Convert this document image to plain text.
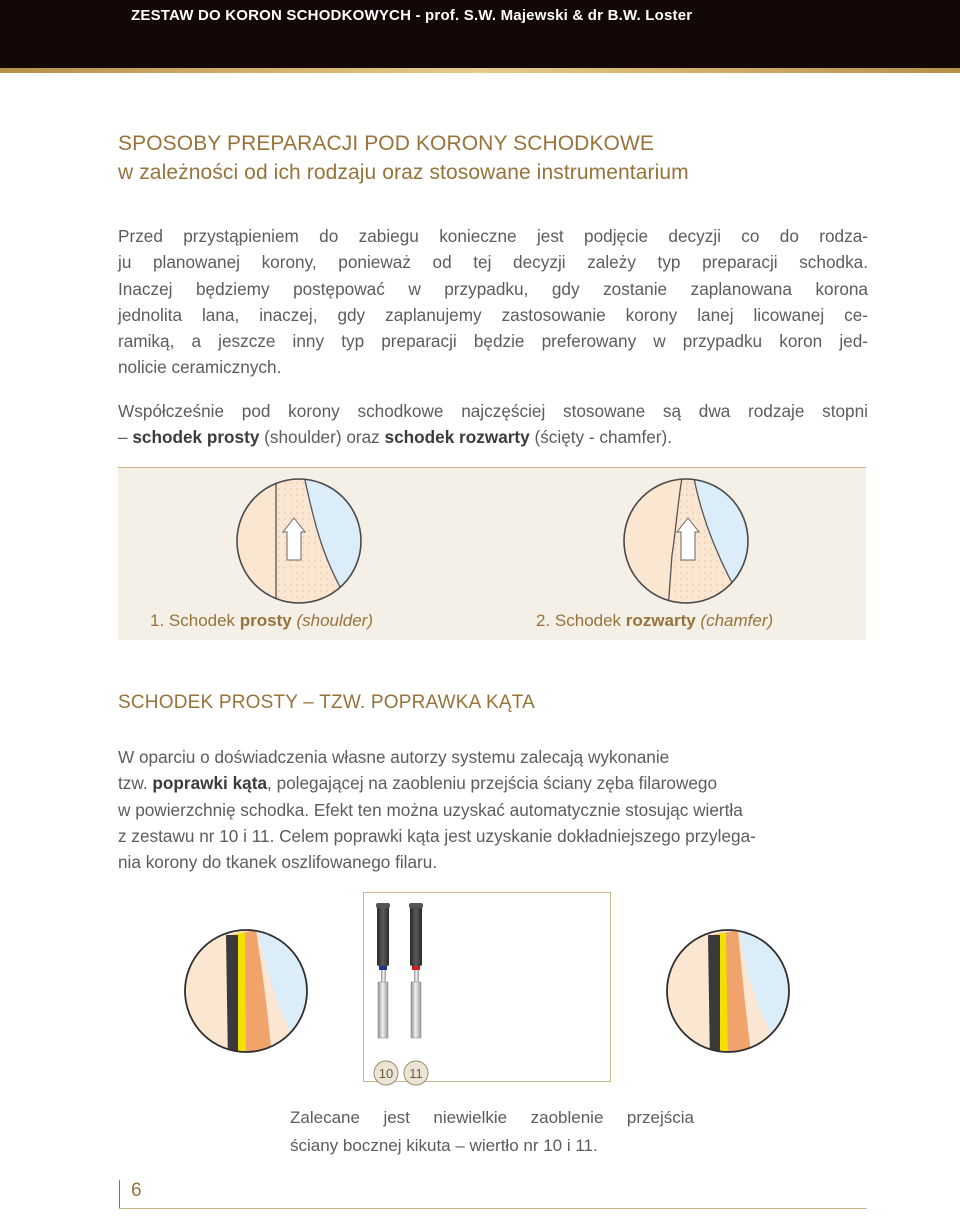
ZESTAW DO KORON SCHODKOWYCH - prof. S.W. Majewski & dr B.W. Loster
SPOSOBY PREPARACJI POD KORONY SCHODKOWE
w zależności od ich rodzaju oraz stosowane instrumentarium
Przed przystąpieniem do zabiegu konieczne jest podjęcie decyzji co do rodza-
ju planowanej korony, ponieważ od tej decyzji zależy typ preparacji schodka.
Inaczej będziemy postępować w przypadku, gdy zostanie zaplanowana korona
jednolita lana, inaczej, gdy zaplanujemy zastosowanie korony lanej licowanej ce-
ramiką, a jeszcze inny typ preparacji będzie preferowany w przypadku koron jed-
nolicie ceramicznych.
Współcześnie pod korony schodkowe najczęściej stosowane są dwa rodzaje stopni
– schodek prosty (shoulder) oraz schodek rozwarty (ścięty - chamfer).
1. Schodek prosty (shoulder)	2. Schodek rozwarty (chamfer)
SCHODEK PROSTY – TZW. POPRAWKA KĄTA
W oparciu o doświadczenia własne autorzy systemu zalecają wykonanie
tzw. poprawki kąta, polegającej na zaobleniu przejścia ściany zęba filarowego
w powierzchnię schodka. Efekt ten można uzyskać automatycznie stosując wiertła
z zestawu nr 10 i 11. Celem poprawki kąta jest uzyskanie dokładniejszego przylega-
nia korony do tkanek oszlifowanego filaru.
10 11
Zalecane jest niewielkie zaoblenie przejścia
ściany bocznej kikuta – wiertło nr 10 i 11.
6
